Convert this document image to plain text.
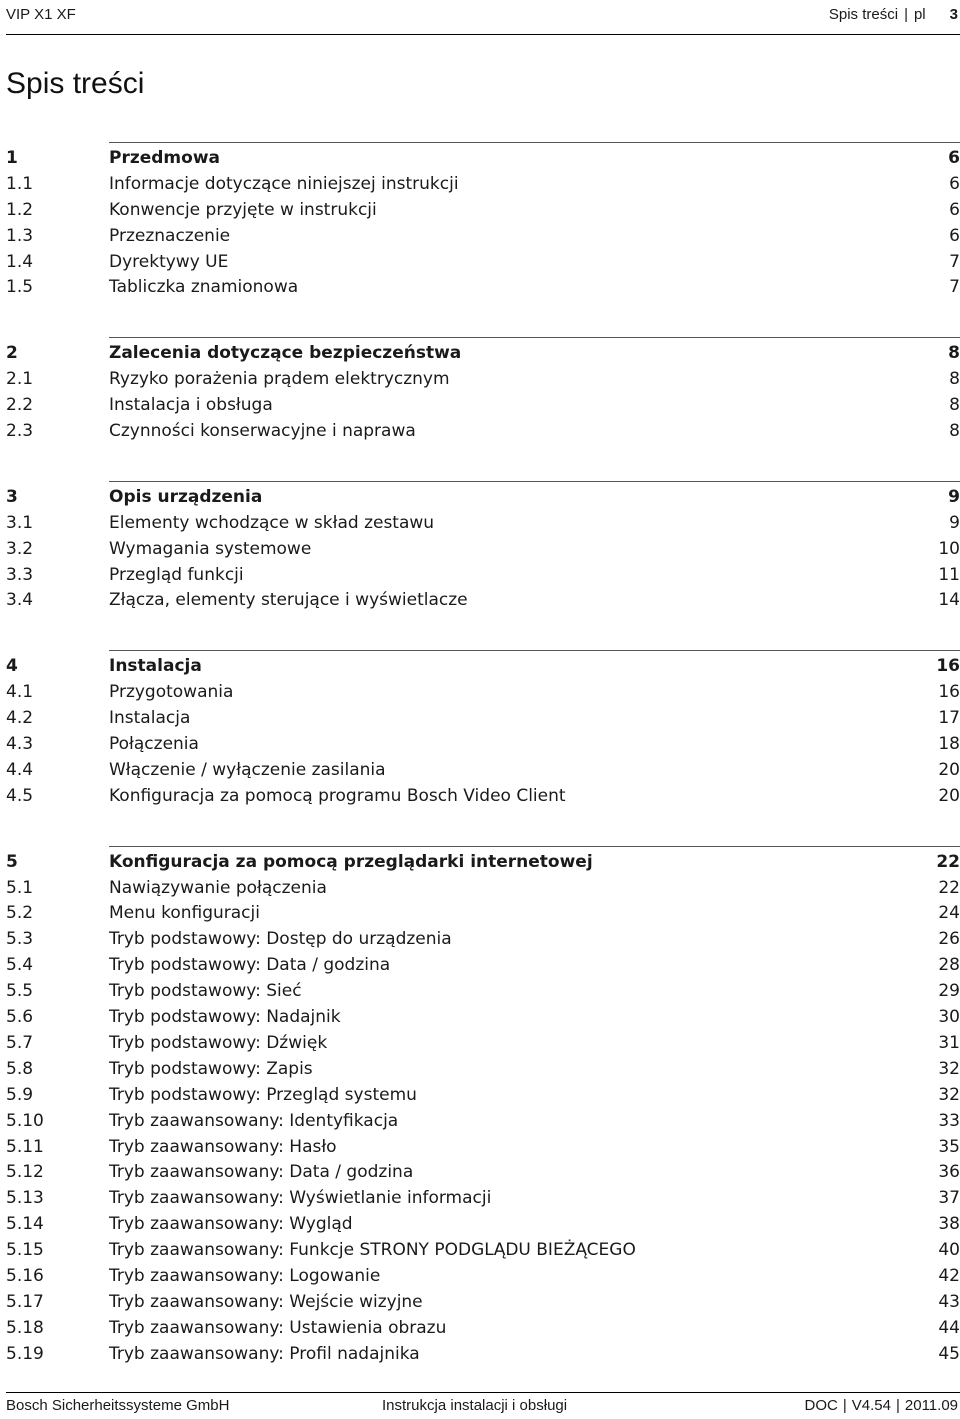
VIP X1 XF	Spis treści | pl 3
Spis treści
1	Przedmowa	6
1.1	Informacje dotyczące niniejszej instrukcji	6
1.2	Konwencje przyjęte w instrukcji	6
1.3	Przeznaczenie	6
1.4	Dyrektywy UE	7
1.5	Tabliczka znamionowa	7
2	Zalecenia dotyczące bezpieczeństwa	8
2.1	Ryzyko porażenia prądem elektrycznym	8
2.2	Instalacja i obsługa	8
2.3	Czynności konserwacyjne i naprawa	8
3	Opis urządzenia	9
3.1	Elementy wchodzące w skład zestawu	9
3.2	Wymagania systemowe	10
3.3	Przegląd funkcji	11
3.4	Złącza, elementy sterujące i wyświetlacze	14
4	Instalacja	16
4.1	Przygotowania	16
4.2	Instalacja	17
4.3	Połączenia	18
4.4	Włączenie / wyłączenie zasilania	20
4.5	Konfiguracja za pomocą programu Bosch Video Client	20
5	Konfiguracja za pomocą przeglądarki internetowej	22
5.1	Nawiązywanie połączenia	22
5.2	Menu konfiguracji	24
5.3	Tryb podstawowy: Dostęp do urządzenia	26
5.4	Tryb podstawowy: Data / godzina	28
5.5	Tryb podstawowy: Sieć	29
5.6	Tryb podstawowy: Nadajnik	30
5.7	Tryb podstawowy: Dźwięk	31
5.8	Tryb podstawowy: Zapis	32
5.9	Tryb podstawowy: Przegląd systemu	32
5.10	Tryb zaawansowany: Identyfikacja	33
5.11	Tryb zaawansowany: Hasło	35
5.12	Tryb zaawansowany: Data / godzina	36
5.13	Tryb zaawansowany: Wyświetlanie informacji	37
5.14	Tryb zaawansowany: Wygląd	38
5.15	Tryb zaawansowany: Funkcje STRONY PODGLĄDU BIEŻĄCEGO	40
5.16	Tryb zaawansowany: Logowanie	42
5.17	Tryb zaawansowany: Wejście wizyjne	43
5.18	Tryb zaawansowany: Ustawienia obrazu	44
5.19	Tryb zaawansowany: Profil nadajnika	45
Bosch Sicherheitssysteme GmbH	Instrukcja instalacji i obsługi	DOC | V4.54 | 2011.09
